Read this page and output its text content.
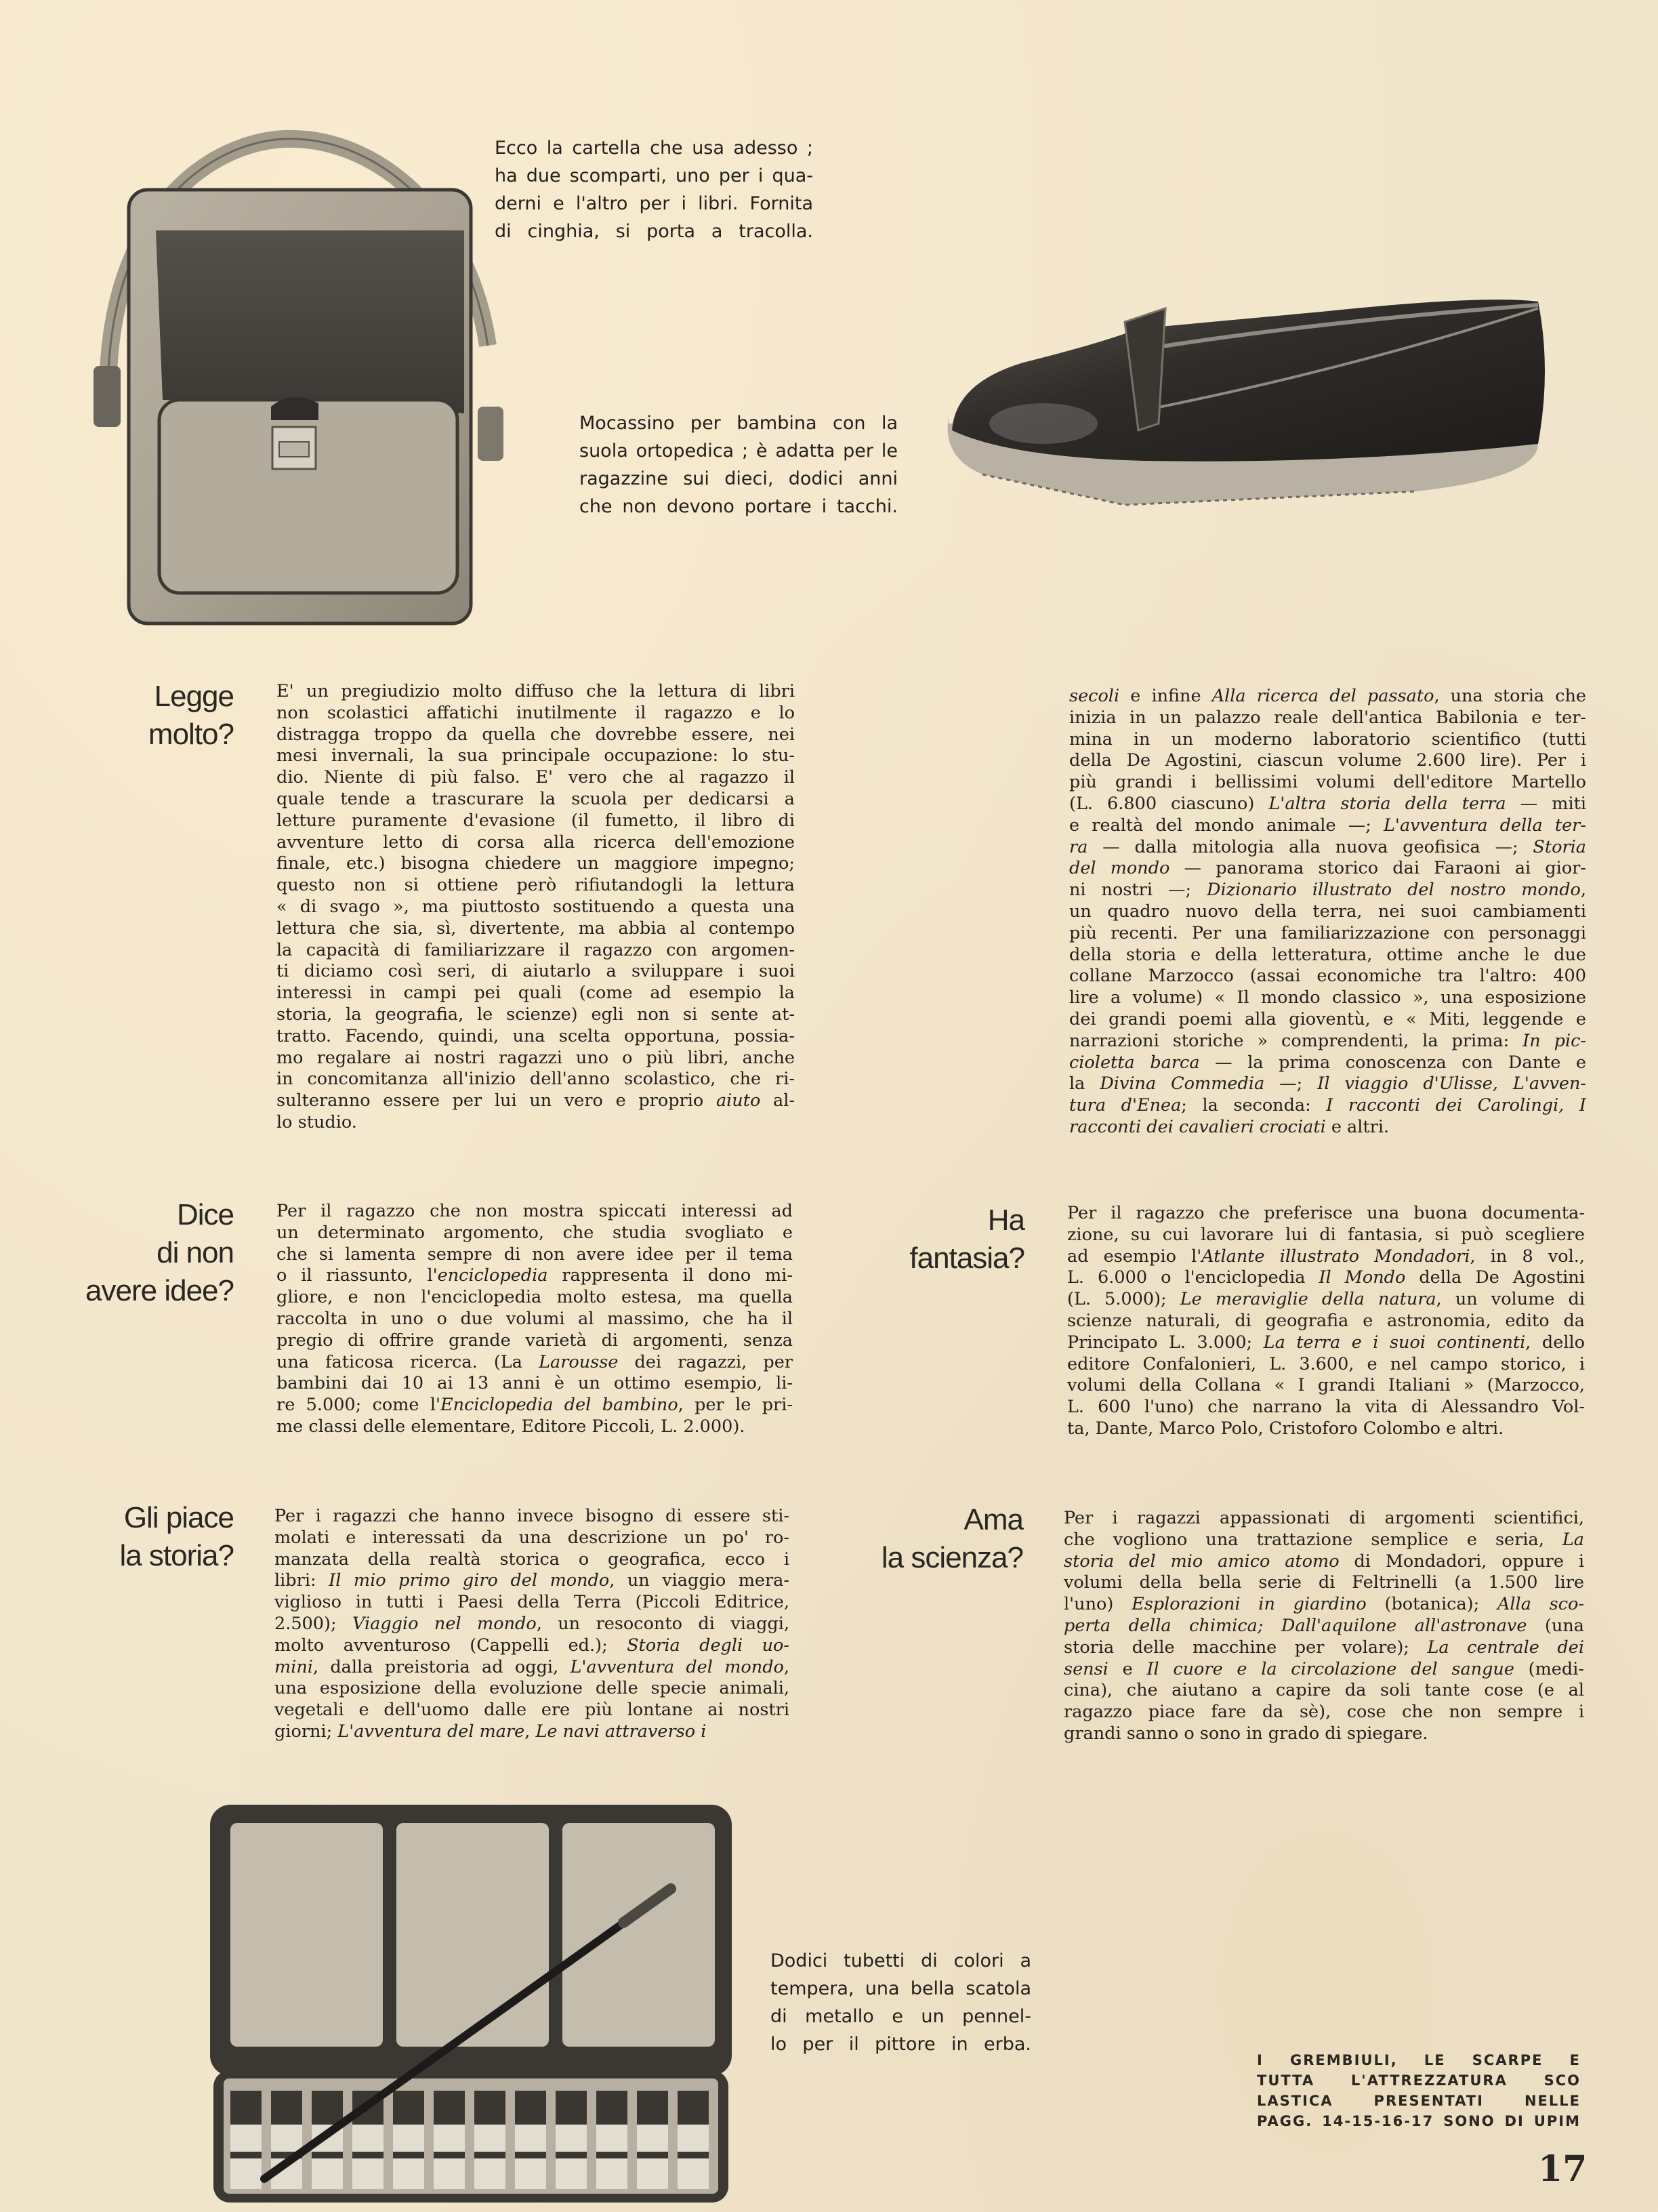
Ecco la cartella che usa adesso ;
ha due scomparti, uno per i qua-
derni e l'altro per i libri. Fornita
di cinghia, si porta a tracolla.
Mocassino per bambina con la
suola ortopedica ; è adatta per le
ragazzine sui dieci, dodici anni
che non devono portare i tacchi.
Legge
molto?
E' un pregiudizio molto diffuso che la lettura di libri
non scolastici affatichi inutilmente il ragazzo e lo
distragga troppo da quella che dovrebbe essere, nei
mesi invernali, la sua principale occupazione: lo stu-
dio. Niente di più falso. E' vero che al ragazzo il
quale tende a trascurare la scuola per dedicarsi a
letture puramente d'evasione (il fumetto, il libro di
avventure letto di corsa alla ricerca dell'emozione
finale, etc.) bisogna chiedere un maggiore impegno;
questo non si ottiene però rifiutandogli la lettura
« di svago », ma piuttosto sostituendo a questa una
lettura che sia, sì, divertente, ma abbia al contempo
la capacità di familiarizzare il ragazzo con argomen-
ti diciamo così seri, di aiutarlo a sviluppare i suoi
interessi in campi pei quali (come ad esempio la
storia, la geografia, le scienze) egli non si sente at-
tratto. Facendo, quindi, una scelta opportuna, possia-
mo regalare ai nostri ragazzi uno o più libri, anche
in concomitanza all'inizio dell'anno scolastico, che ri-
sulteranno essere per lui un vero e proprio aiuto al-
lo studio.
secoli e infine Alla ricerca del passato, una storia che
inizia in un palazzo reale dell'antica Babilonia e ter-
mina in un moderno laboratorio scientifico (tutti
della De Agostini, ciascun volume 2.600 lire). Per i
più grandi i bellissimi volumi dell'editore Martello
(L. 6.800 ciascuno) L'altra storia della terra — miti
e realtà del mondo animale —; L'avventura della ter-
ra — dalla mitologia alla nuova geofisica —; Storia
del mondo — panorama storico dai Faraoni ai gior-
ni nostri —; Dizionario illustrato del nostro mondo,
un quadro nuovo della terra, nei suoi cambiamenti
più recenti. Per una familiarizzazione con personaggi
della storia e della letteratura, ottime anche le due
collane Marzocco (assai economiche tra l'altro: 400
lire a volume) « Il mondo classico », una esposizione
dei grandi poemi alla gioventù, e « Miti, leggende e
narrazioni storiche » comprendenti, la prima: In pic-
cioletta barca — la prima conoscenza con Dante e
la Divina Commedia —; Il viaggio d'Ulisse, L'avven-
tura d'Enea; la seconda: I racconti dei Carolingi, I
racconti dei cavalieri crociati e altri.
Dice
di non
avere idee?
Per il ragazzo che non mostra spiccati interessi ad
un determinato argomento, che studia svogliato e
che si lamenta sempre di non avere idee per il tema
o il riassunto, l'enciclopedia rappresenta il dono mi-
gliore, e non l'enciclopedia molto estesa, ma quella
raccolta in uno o due volumi al massimo, che ha il
pregio di offrire grande varietà di argomenti, senza
una faticosa ricerca. (La Larousse dei ragazzi, per
bambini dai 10 ai 13 anni è un ottimo esempio, li-
re 5.000; come l'Enciclopedia del bambino, per le pri-
me classi delle elementare, Editore Piccoli, L. 2.000).
Ha
fantasia?
Per il ragazzo che preferisce una buona documenta-
zione, su cui lavorare lui di fantasia, si può scegliere
ad esempio l'Atlante illustrato Mondadori, in 8 vol.,
L. 6.000 o l'enciclopedia Il Mondo della De Agostini
(L. 5.000); Le meraviglie della natura, un volume di
scienze naturali, di geografia e astronomia, edito da
Principato L. 3.000; La terra e i suoi continenti, dello
editore Confalonieri, L. 3.600, e nel campo storico, i
volumi della Collana « I grandi Italiani » (Marzocco,
L. 600 l'uno) che narrano la vita di Alessandro Vol-
ta, Dante, Marco Polo, Cristoforo Colombo e altri.
Gli piace
la storia?
Per i ragazzi che hanno invece bisogno di essere sti-
molati e interessati da una descrizione un po' ro-
manzata della realtà storica o geografica, ecco i
libri: Il mio primo giro del mondo, un viaggio mera-
viglioso in tutti i Paesi della Terra (Piccoli Editrice,
2.500); Viaggio nel mondo, un resoconto di viaggi,
molto avventuroso (Cappelli ed.); Storia degli uo-
mini, dalla preistoria ad oggi, L'avventura del mondo,
una esposizione della evoluzione delle specie animali,
vegetali e dell'uomo dalle ere più lontane ai nostri
giorni; L'avventura del mare, Le navi attraverso i
Ama
la scienza?
Per i ragazzi appassionati di argomenti scientifici,
che vogliono una trattazione semplice e seria, La
storia del mio amico atomo di Mondadori, oppure i
volumi della bella serie di Feltrinelli (a 1.500 lire
l'uno) Esplorazioni in giardino (botanica); Alla sco-
perta della chimica; Dall'aquilone all'astronave (una
storia delle macchine per volare); La centrale dei
sensi e Il cuore e la circolazione del sangue (medi-
cina), che aiutano a capire da soli tante cose (e al
ragazzo piace fare da sè), cose che non sempre i
grandi sanno o sono in grado di spiegare.
Dodici tubetti di colori a
tempera, una bella scatola
di metallo e un pennel-
lo per il pittore in erba.
I GREMBIULI, LE SCARPE E
TUTTA L'ATTREZZATURA SCO
LASTICA PRESENTATI NELLE
PAGG. 14-15-16-17 SONO DI UPIM
17
